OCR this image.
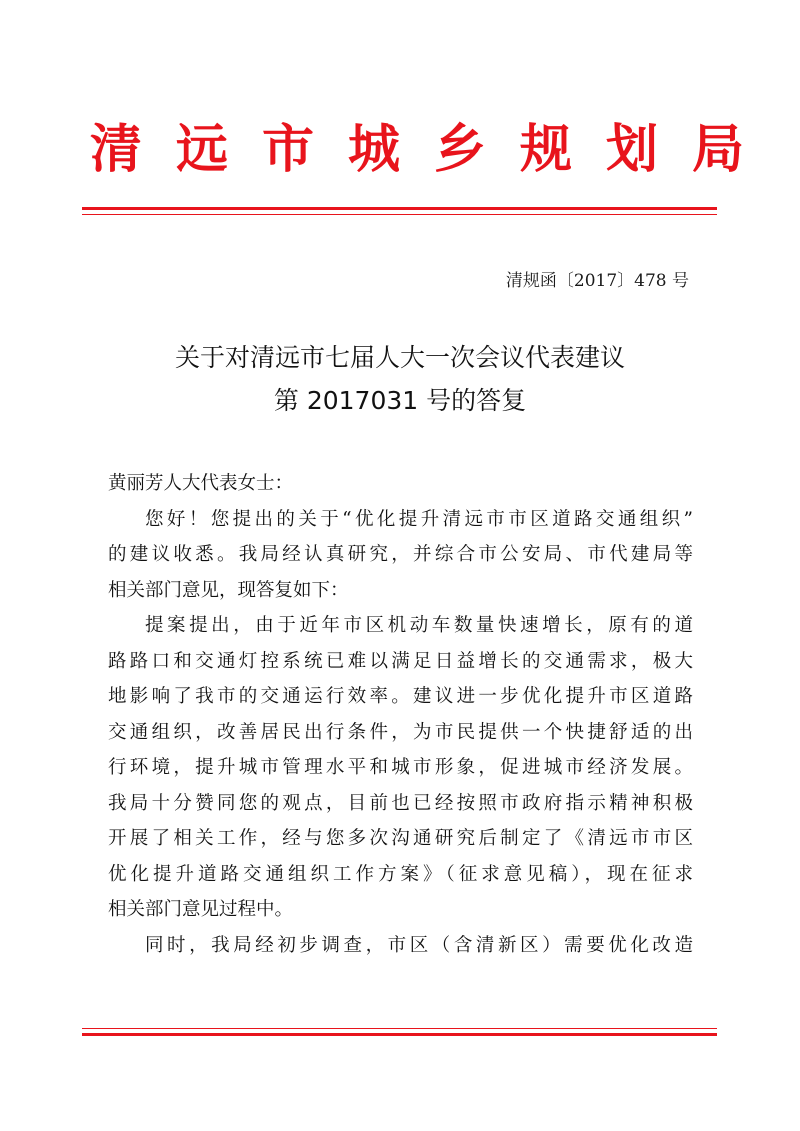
清远市城乡规划局
清规函〔2017〕478 号
关于对清远市七届人大一次会议代表建议
第 2017031 号的答复
黄丽芳人大代表女士：
您好！您提出的关于“优化提升清远市市区道路交通组织”
的建议收悉。我局经认真研究，并综合市公安局、市代建局等
相关部门意见，现答复如下：
提案提出，由于近年市区机动车数量快速增长，原有的道
路路口和交通灯控系统已难以满足日益增长的交通需求，极大
地影响了我市的交通运行效率。建议进一步优化提升市区道路
交通组织，改善居民出行条件，为市民提供一个快捷舒适的出
行环境，提升城市管理水平和城市形象，促进城市经济发展。
我局十分赞同您的观点，目前也已经按照市政府指示精神积极
开展了相关工作，经与您多次沟通研究后制定了《清远市市区
优化提升道路交通组织工作方案》（征求意见稿），现在征求
相关部门意见过程中。
同时，我局经初步调查，市区（含清新区）需要优化改造
